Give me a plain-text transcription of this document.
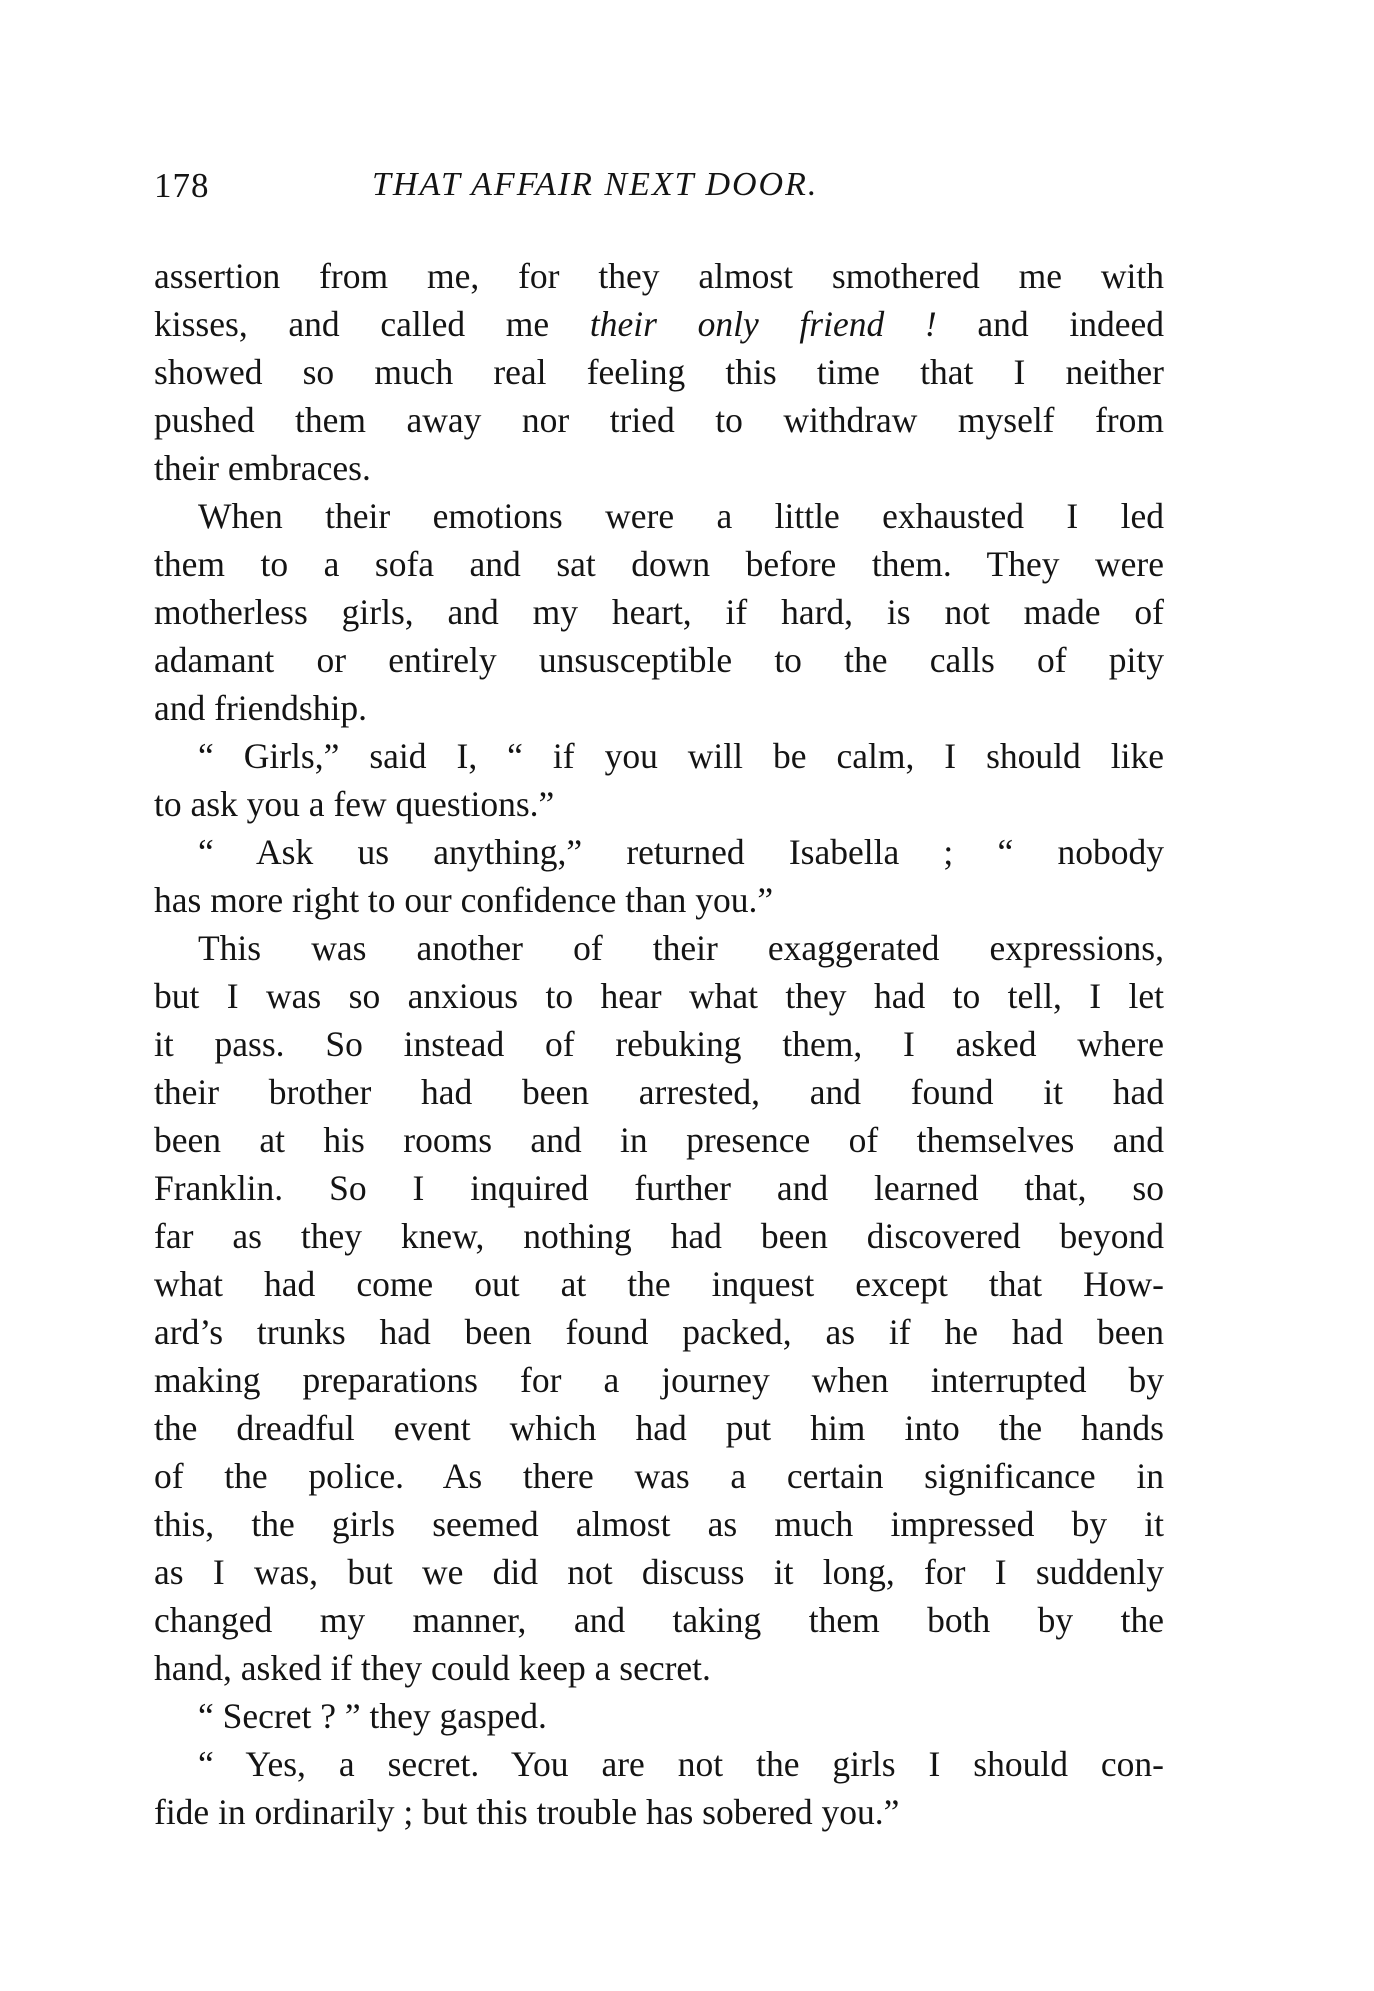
178	THAT AFFAIR NEXT DOOR.
assertion from me, for they almost smothered me with
kisses, and called me their only friend ! and indeed
showed so much real feeling this time that I neither
pushed them away nor tried to withdraw myself from
their embraces.
When their emotions were a little exhausted I led
them to a sofa and sat down before them. They were
motherless girls, and my heart, if hard, is not made of
adamant or entirely unsusceptible to the calls of pity
and friendship.
“ Girls,” said I, “ if you will be calm, I should like
to ask you a few questions.”
“ Ask us anything,” returned Isabella ; “ nobody
has more right to our confidence than you.”
This was another of their exaggerated expressions,
but I was so anxious to hear what they had to tell, I let
it pass. So instead of rebuking them, I asked where
their brother had been arrested, and found it had
been at his rooms and in presence of themselves and
Franklin. So I inquired further and learned that, so
far as they knew, nothing had been discovered beyond
what had come out at the inquest except that How-
ard’s trunks had been found packed, as if he had been
making preparations for a journey when interrupted by
the dreadful event which had put him into the hands
of the police. As there was a certain significance in
this, the girls seemed almost as much impressed by it
as I was, but we did not discuss it long, for I suddenly
changed my manner, and taking them both by the
hand, asked if they could keep a secret.
“ Secret ? ” they gasped.
“ Yes, a secret. You are not the girls I should con-
fide in ordinarily ; but this trouble has sobered you.”
